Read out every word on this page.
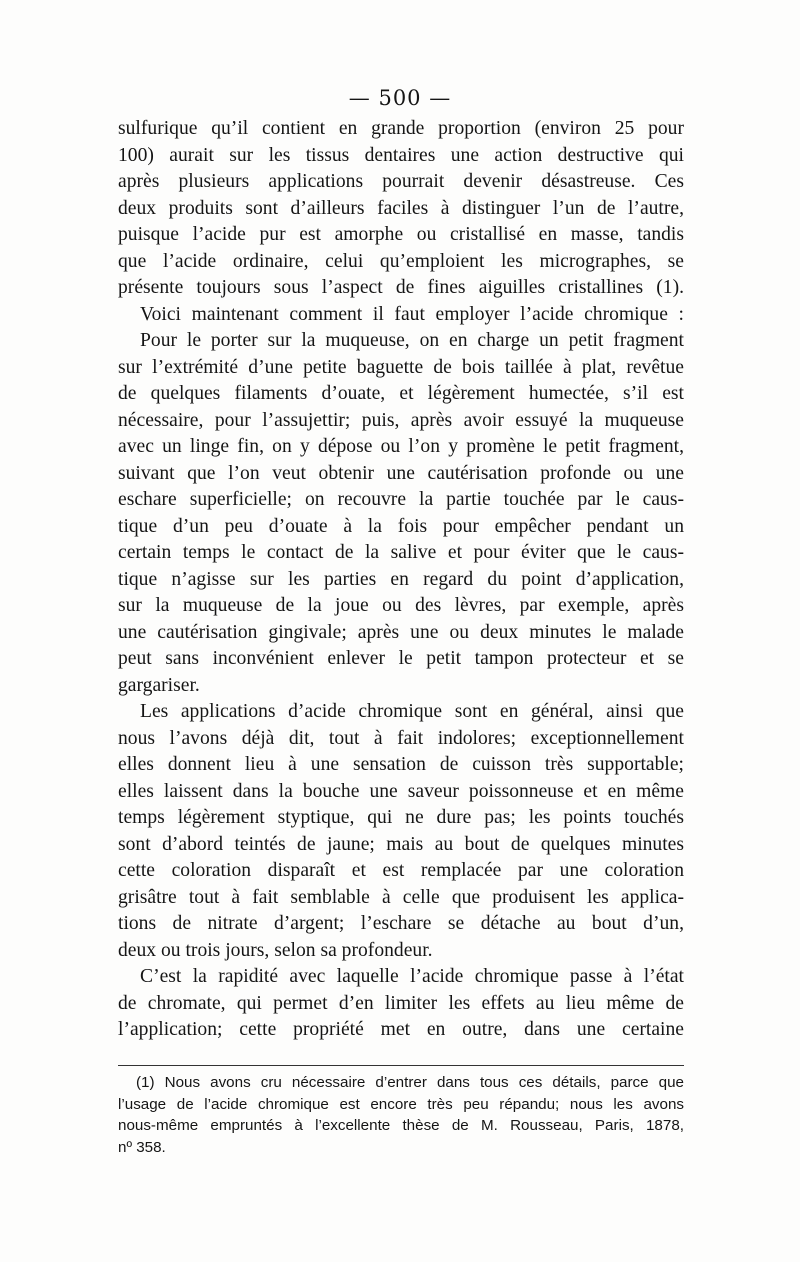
— 500 —
sulfurique qu’il contient en grande proportion (environ 25 pour
100) aurait sur les tissus dentaires une action destructive qui
après plusieurs applications pourrait devenir désastreuse. Ces
deux produits sont d’ailleurs faciles à distinguer l’un de l’autre,
puisque l’acide pur est amorphe ou cristallisé en masse, tandis
que l’acide ordinaire, celui qu’emploient les micrographes, se
présente toujours sous l’aspect de fines aiguilles cristallines (1).
Voici maintenant comment il faut employer l’acide chromique :
Pour le porter sur la muqueuse, on en charge un petit fragment
sur l’extrémité d’une petite baguette de bois taillée à plat, revêtue
de quelques filaments d’ouate, et légèrement humectée, s’il est
nécessaire, pour l’assujettir; puis, après avoir essuyé la muqueuse
avec un linge fin, on y dépose ou l’on y promène le petit fragment,
suivant que l’on veut obtenir une cautérisation profonde ou une
eschare superficielle; on recouvre la partie touchée par le caus-
tique d’un peu d’ouate à la fois pour empêcher pendant un
certain temps le contact de la salive et pour éviter que le caus-
tique n’agisse sur les parties en regard du point d’application,
sur la muqueuse de la joue ou des lèvres, par exemple, après
une cautérisation gingivale; après une ou deux minutes le malade
peut sans inconvénient enlever le petit tampon protecteur et se
gargariser.
Les applications d’acide chromique sont en général, ainsi que
nous l’avons déjà dit, tout à fait indolores; exceptionnellement
elles donnent lieu à une sensation de cuisson très supportable;
elles laissent dans la bouche une saveur poissonneuse et en même
temps légèrement styptique, qui ne dure pas; les points touchés
sont d’abord teintés de jaune; mais au bout de quelques minutes
cette coloration disparaît et est remplacée par une coloration
grisâtre tout à fait semblable à celle que produisent les applica-
tions de nitrate d’argent; l’eschare se détache au bout d’un,
deux ou trois jours, selon sa profondeur.
C’est la rapidité avec laquelle l’acide chromique passe à l’état
de chromate, qui permet d’en limiter les effets au lieu même de
l’application; cette propriété met en outre, dans une certaine
(1) Nous avons cru nécessaire d’entrer dans tous ces détails, parce que
l’usage de l’acide chromique est encore très peu répandu; nous les avons
nous-même empruntés à l’excellente thèse de M. Rousseau, Paris, 1878,
nº 358.
